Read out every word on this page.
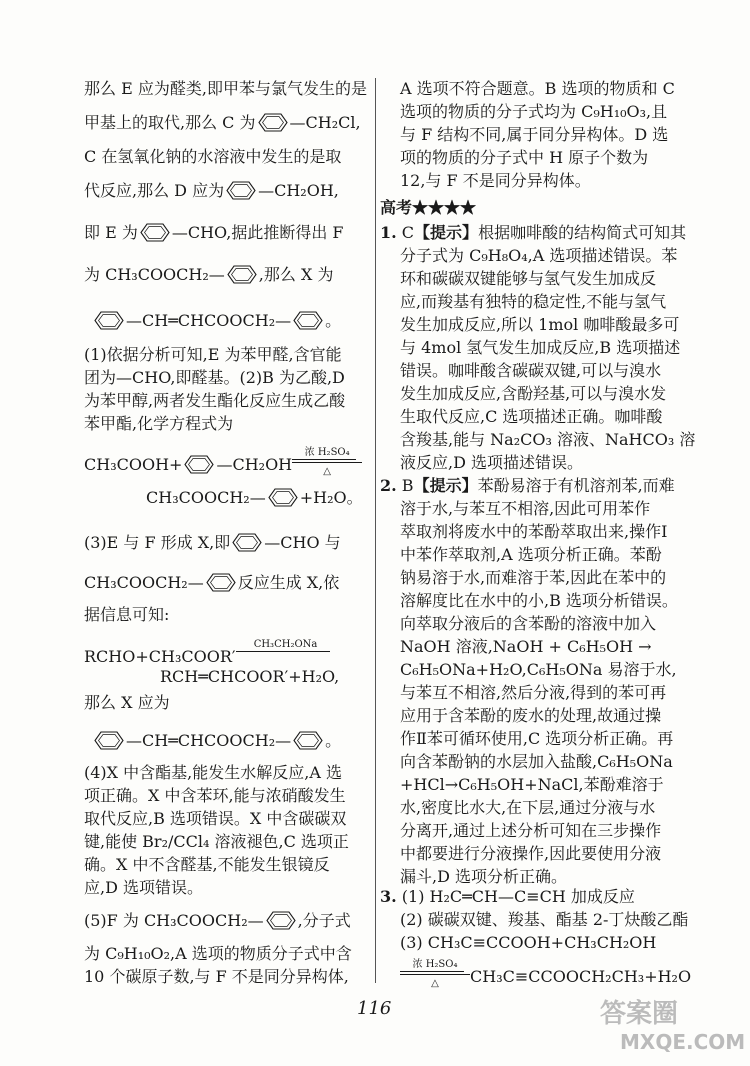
那么 E 应为醛类,即甲苯与氯气发生的是
甲基上的取代,那么 C 为 —CH₂Cl,
C 在氢氧化钠的水溶液中发生的是取
代反应,那么 D 应为 —CH₂OH,
即 E 为 —CHO,据此推断得出 F
为 CH₃COOCH₂— ,那么 X 为
—CH═CHCOOCH₂— 。
(1)依据分析可知,E 为苯甲醛,含官能
团为—CHO,即醛基。(2)B 为乙酸,D
为苯甲醇,两者发生酯化反应生成乙酸
苯甲酯,化学方程式为
CH₃COOH+ —CH₂OH
浓 H₂SO₄
△
CH₃COOCH₂— +H₂O。
(3)E 与 F 形成 X,即 —CHO 与
CH₃COOCH₂— 反应生成 X,依
据信息可知:
RCHO+CH₃COOR′
CH₃CH₂ONa
RCH═CHCOOR′+H₂O,
那么 X 应为
—CH═CHCOOCH₂— 。
(4)X 中含酯基,能发生水解反应,A 选
项正确。X 中含苯环,能与浓硝酸发生
取代反应,B 选项错误。X 中含碳碳双
键,能使 Br₂/CCl₄ 溶液褪色,C 选项正
确。X 中不含醛基,不能发生银镜反
应,D 选项错误。
(5)F 为 CH₃COOCH₂— ,分子式
为 C₉H₁₀O₂,A 选项的物质分子式中含
10 个碳原子数,与 F 不是同分异构体,
A 选项不符合题意。B 选项的物质和 C
选项的物质的分子式均为 C₉H₁₀O₃,且
与 F 结构不同,属于同分异构体。D 选
项的物质的分子式中 H 原子个数为
12,与 F 不是同分异构体。
高考★★★★
1. C【提示】根据咖啡酸的结构简式可知其
分子式为 C₉H₈O₄,A 选项描述错误。苯
环和碳碳双键能够与氢气发生加成反
应,而羧基有独特的稳定性,不能与氢气
发生加成反应,所以 1mol 咖啡酸最多可
与 4mol 氢气发生加成反应,B 选项描述
错误。咖啡酸含碳碳双键,可以与溴水
发生加成反应,含酚羟基,可以与溴水发
生取代反应,C 选项描述正确。咖啡酸
含羧基,能与 Na₂CO₃ 溶液、NaHCO₃ 溶
液反应,D 选项描述错误。
2. B【提示】苯酚易溶于有机溶剂苯,而难
溶于水,与苯互不相溶,因此可用苯作
萃取剂将废水中的苯酚萃取出来,操作Ⅰ
中苯作萃取剂,A 选项分析正确。苯酚
钠易溶于水,而难溶于苯,因此在苯中的
溶解度比在水中的小,B 选项分析错误。
向萃取分液后的含苯酚的溶液中加入
NaOH 溶液,NaOH + C₆H₅OH →
C₆H₅ONa+H₂O,C₆H₅ONa 易溶于水,
与苯互不相溶,然后分液,得到的苯可再
应用于含苯酚的废水的处理,故通过操
作Ⅱ苯可循环使用,C 选项分析正确。再
向含苯酚钠的水层加入盐酸,C₆H₅ONa
+HCl→C₆H₅OH+NaCl,苯酚难溶于
水,密度比水大,在下层,通过分液与水
分离开,通过上述分析可知在三步操作
中都要进行分液操作,因此要使用分液
漏斗,D 选项分析正确。
3. (1) H₂C═CH—C≡CH 加成反应
(2) 碳碳双键、羧基、酯基 2-丁炔酸乙酯
(3) CH₃C≡CCOOH+CH₃CH₂OH
浓 H₂SO₄
△	CH₃C≡CCOOCH₂CH₃+H₂O
116	答案圈
MXQE.COM
